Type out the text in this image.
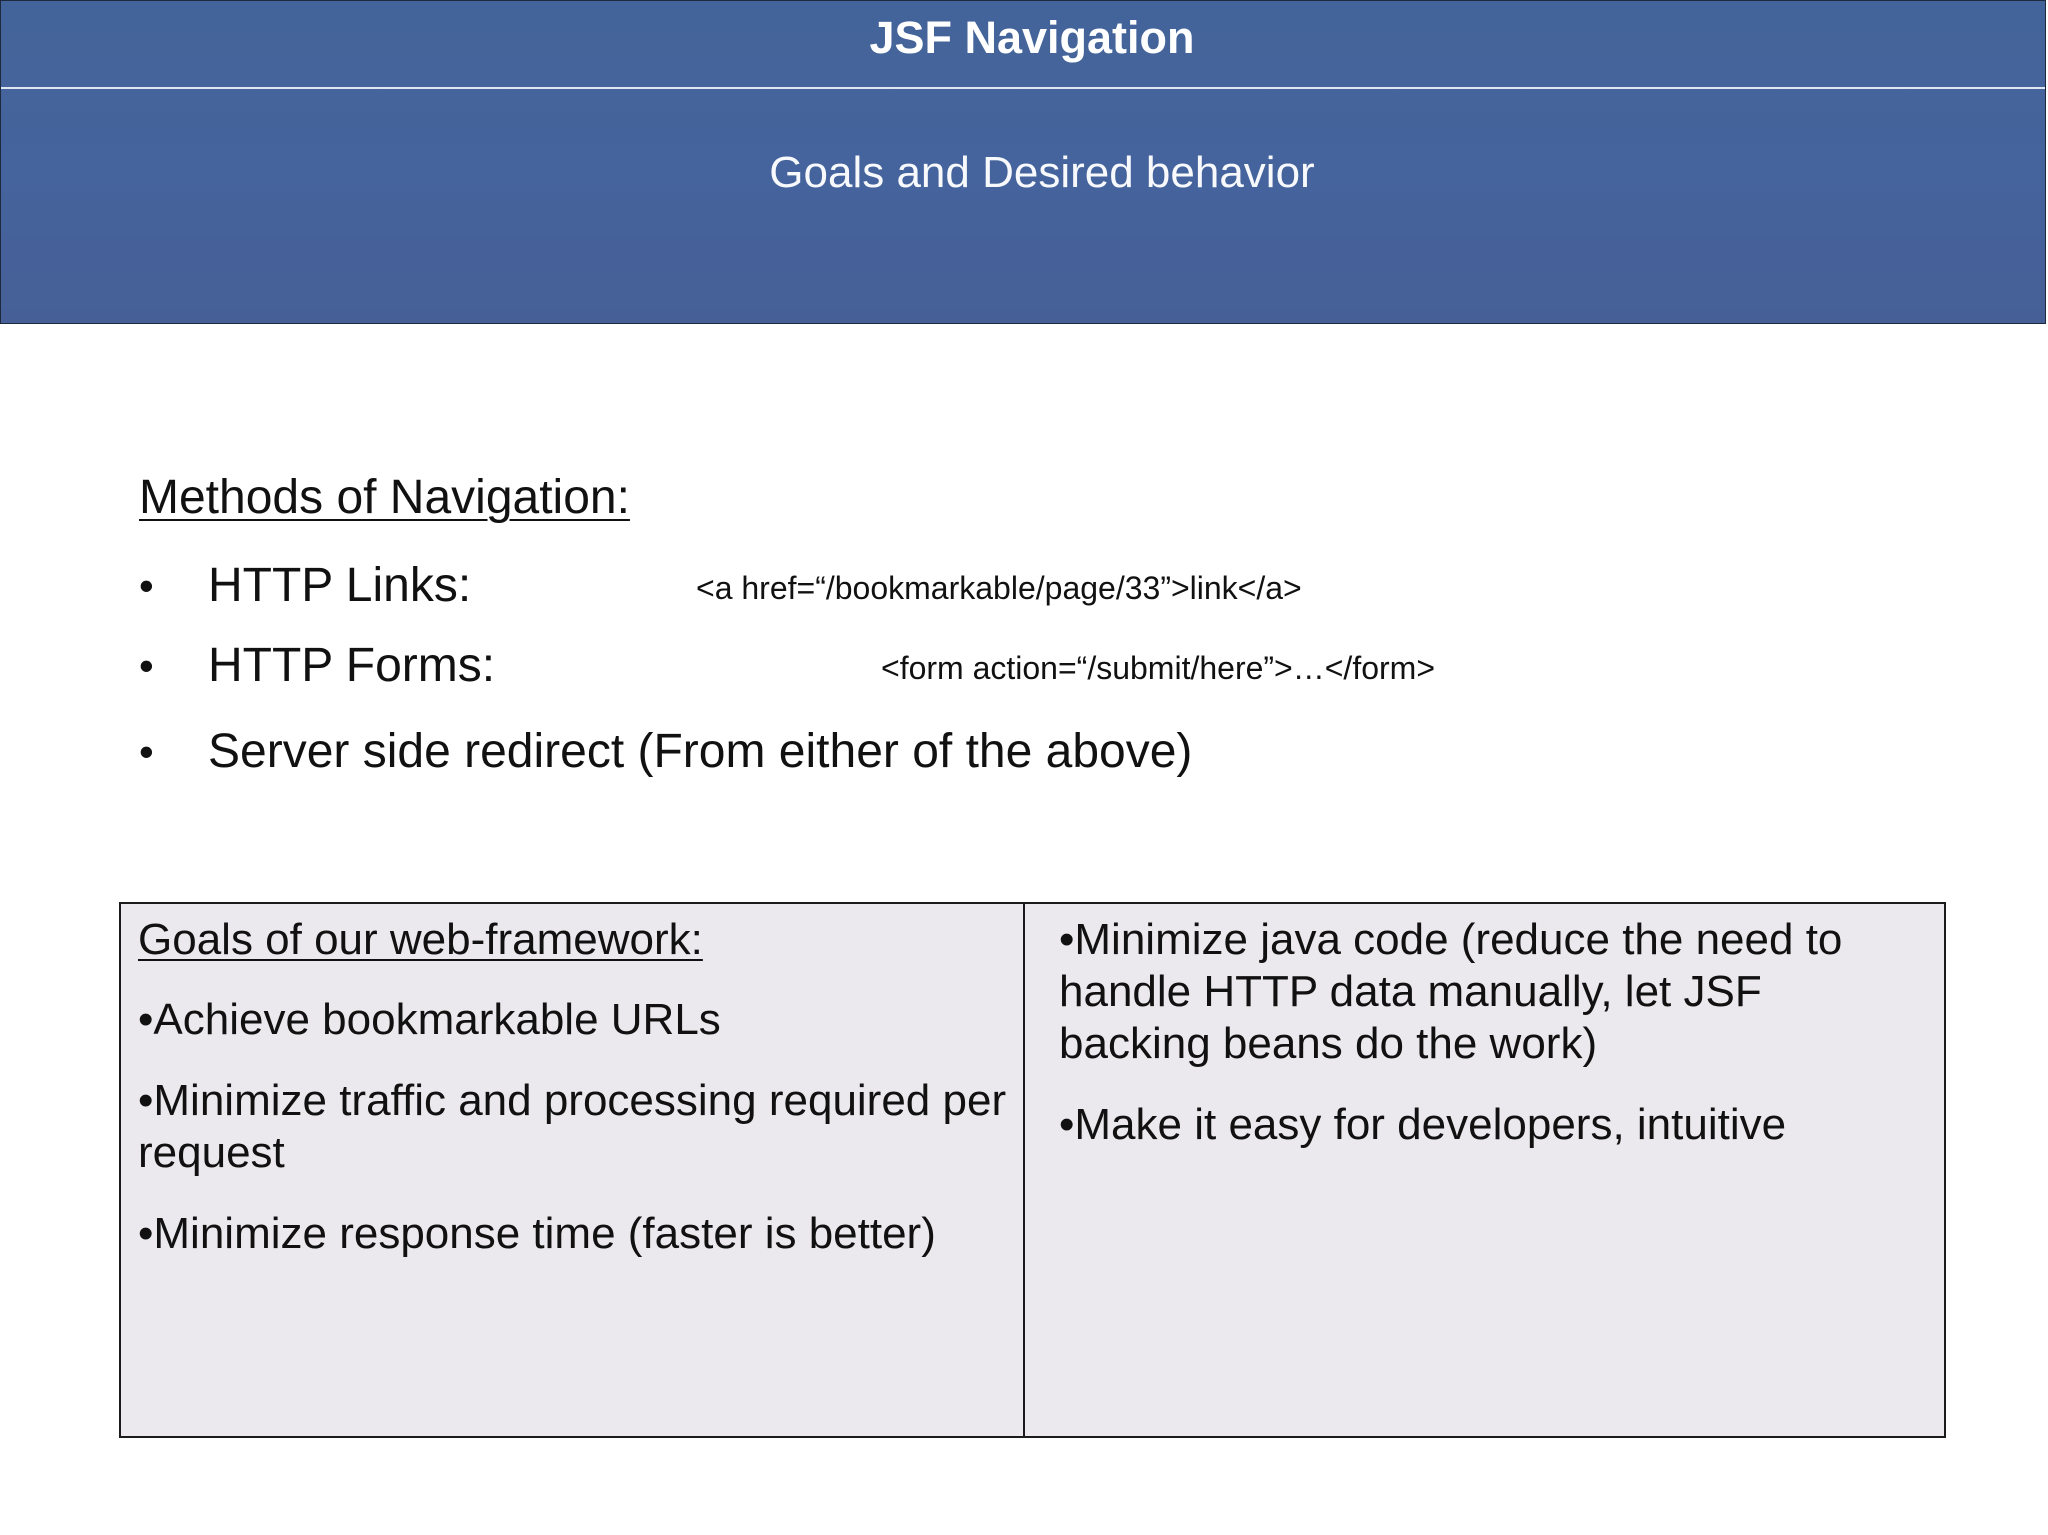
JSF Navigation
Goals and Desired behavior
Methods of Navigation:
• HTTP Links:	<a href=“/bookmarkable/page/33”>link</a>
• HTTP Forms:	<form action=“/submit/here”>…</form>
• Server side redirect (From either of the above)
Goals of our web-framework:
•Achieve bookmarkable URLs
•Minimize traffic and processing required per request
•Minimize response time (faster is better)
•Minimize java code (reduce the need to handle HTTP data manually, let JSF backing beans do the work)
•Make it easy for developers, intuitive
